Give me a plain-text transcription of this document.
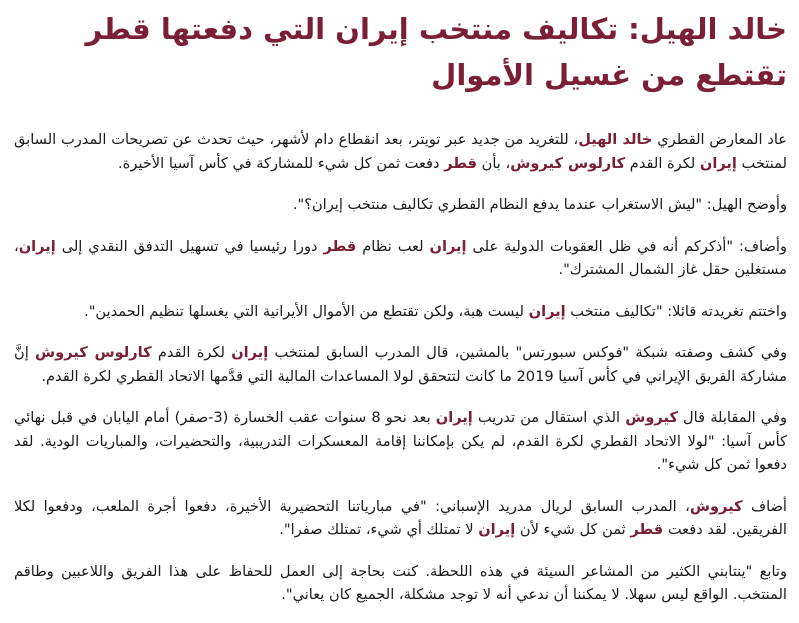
خالد الهيل: تكاليف منتخب إيران التي دفعتها قطر تقتطع من غسيل الأموال

عاد المعارض القطري خالد الهيل، للتغريد من جديد عبر تويتر، بعد انقطاع دام لأشهر، حيث تحدث عن تصريحات المدرب السابق لمنتخب إيران لكرة القدم كارلوس كيروش، بأن قطر دفعت ثمن كل شيء للمشاركة في كأس آسيا الأخيرة.

وأوضح الهيل: "ليش الاستغراب عندما يدفع النظام القطري تكاليف منتخب إيران؟".

وأضاف: "أذكركم أنه في ظل العقوبات الدولية على إيران لعب نظام قطر دورا رئيسيا في تسهيل التدفق النقدي إلى إيران، مستغلين حقل غاز الشمال المشترك".

واختتم تغريدته قائلا: "تكاليف منتخب إيران ليست هبة، ولكن تقتطع من الأموال الأيرانية التي يغسلها تنظيم الحمدين".

وفي كشف وصفته شبكة "فوكس سبورتس" بالمشين، قال المدرب السابق لمنتخب إيران لكرة القدم كارلوس كيروش إنَّ مشاركة الفريق الإيراني في كأس آسيا 2019 ما كانت لتتحقق لولا المساعدات المالية التي قدَّمها الاتحاد القطري لكرة القدم.

وفي المقابلة قال كيروش الذي استقال من تدريب إيران بعد نحو 8 سنوات عقب الخسارة (3-صفر) أمام اليابان في قبل نهائي كأس آسيا: "لولا الاتحاد القطري لكرة القدم، لم يكن بإمكاننا إقامة المعسكرات التدريبية، والتحضيرات، والمباريات الودية. لقد دفعوا ثمن كل شيء".

أضاف كيروش، المدرب السابق لريال مدريد الإسباني: "في مبارياتنا التحضيرية الأخيرة، دفعوا أجرة الملعب، ودفعوا لكلا الفريقين. لقد دفعت قطر ثمن كل شيء لأن إيران لا تمتلك أي شيء، تمتلك صفرا".

وتابع "ينتابني الكثير من المشاعر السيئة في هذه اللحظة. كنت بحاجة إلى العمل للحفاظ على هذا الفريق واللاعبين وطاقم المنتخب. الواقع ليس سهلا. لا يمكننا أن ندعي أنه لا توجد مشكلة، الجميع كان يعاني".
